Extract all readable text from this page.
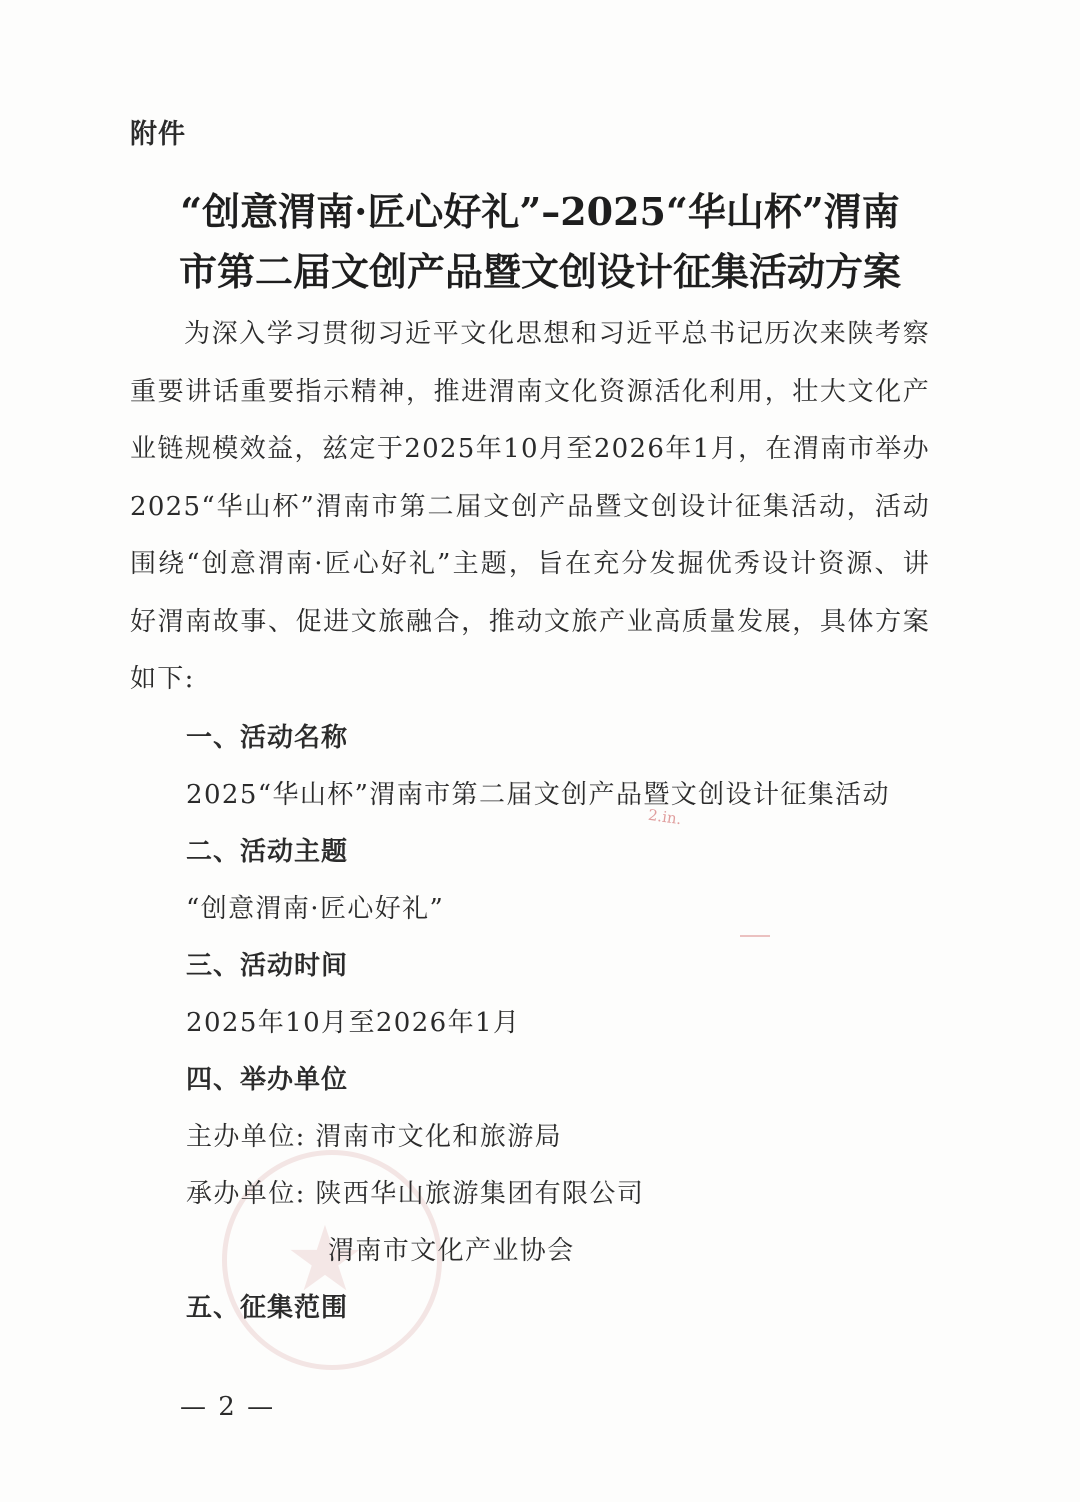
★
附件
“创意渭南·匠心好礼”–2025“华山杯”渭南
市第二届文创产品暨文创设计征集活动方案
为深入学习贯彻习近平文化思想和习近平总书记历次来陕考察重要讲话重要指示精神，推进渭南文化资源活化利用，壮大文化产业链规模效益，兹定于2025年10月至2026年1月，在渭南市举办2025“华山杯”渭南市第二届文创产品暨文创设计征集活动，活动围绕“创意渭南·匠心好礼”主题，旨在充分发掘优秀设计资源、讲好渭南故事、促进文旅融合，推动文旅产业高质量发展，具体方案如下:
一、活动名称
2025“华山杯”渭南市第二届文创产品暨文创设计征集活动
2.in.
二、活动主题
“创意渭南·匠心好礼”
三、活动时间
2025年10月至2026年1月
四、举办单位
主办单位: 渭南市文化和旅游局
承办单位: 陕西华山旅游集团有限公司
渭南市文化产业协会
五、征集范围
— 2 —
